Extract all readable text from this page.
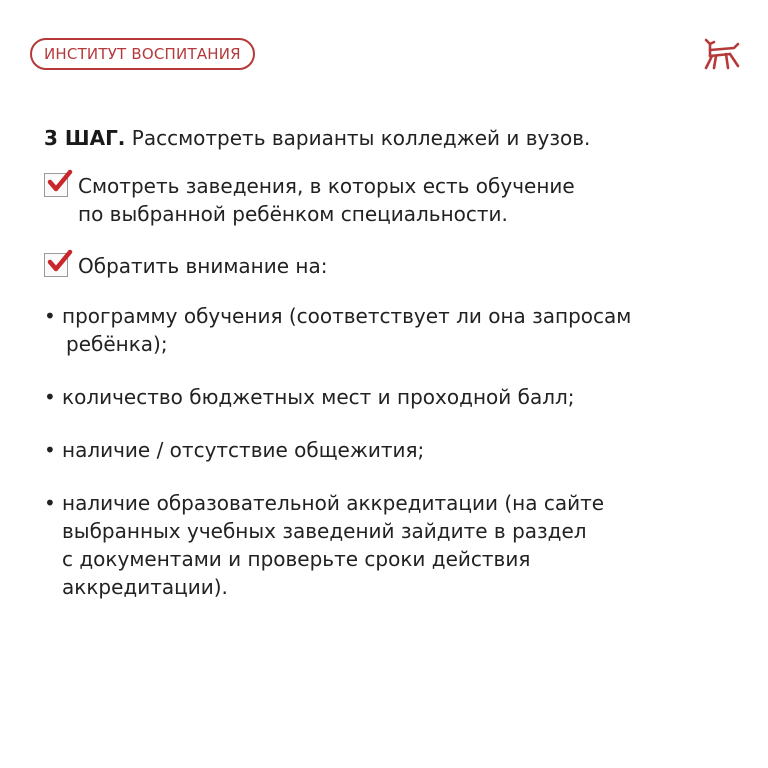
ИНСТИТУТ ВОСПИТАНИЯ
3 ШАГ. Рассмотреть варианты колледжей и вузов.
Смотреть заведения, в которых есть обучение
по выбранной ребёнком специальности.
Обратить внимание на:
• программу обучения (соответствует ли она запросам
ребёнка);
• количество бюджетных мест и проходной балл;
• наличие / отсутствие общежития;
• наличие образовательной аккредитации (на сайте
выбранных учебных заведений зайдите в раздел
с документами и проверьте сроки действия
аккредитации).
